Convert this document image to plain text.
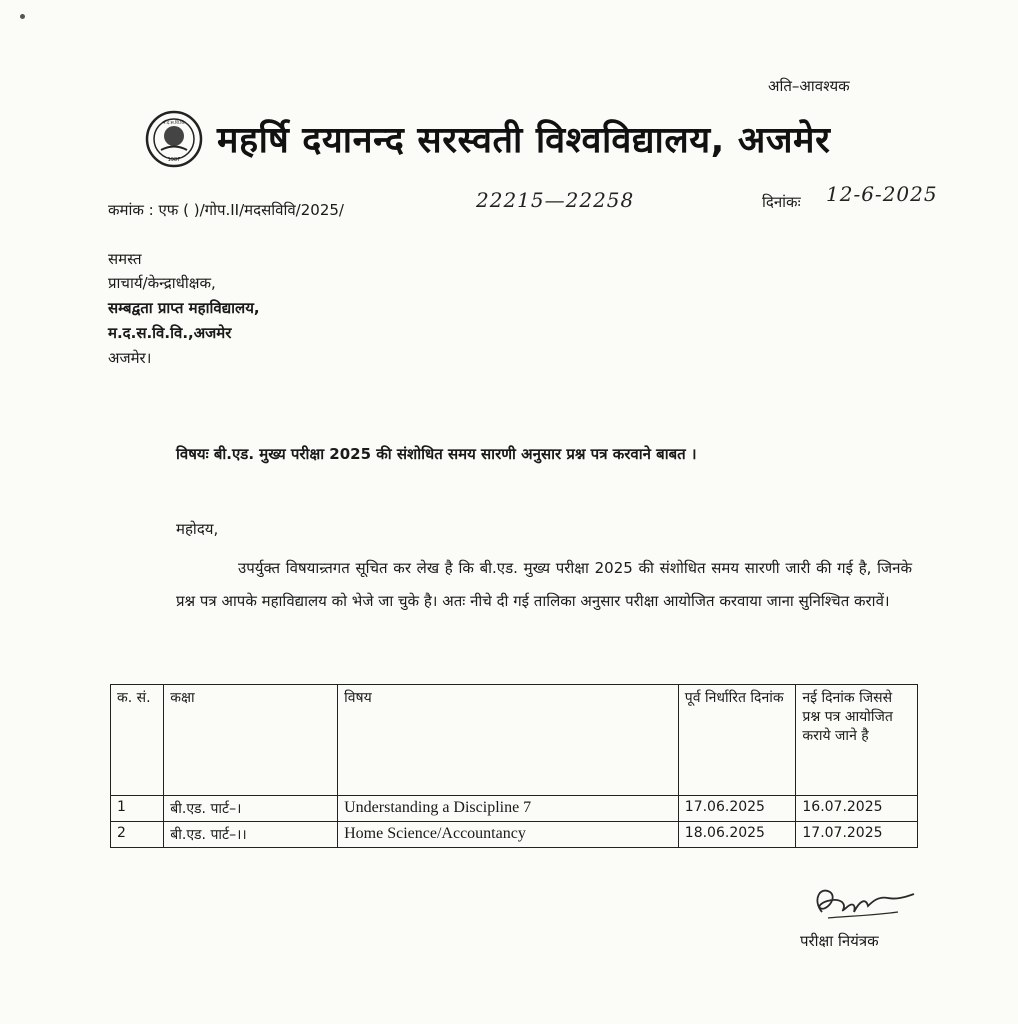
अति–आवश्यक
1987
म.द.स.वि.वि. महर्षि दयानन्द सरस्वती विश्वविद्यालय, अजमेर
कमांक : एफ ( )/गोप.II/मदसविवि/2025/	22215—22258	दिनांकः 12-6-2025
समस्त
प्राचार्य/केन्द्राधीक्षक,
सम्बद्वता प्राप्त महाविद्यालय,
म.द.स.वि.वि.,अजमेर
अजमेर।
विषयः बी.एड. मुख्य परीक्षा 2025 की संशोधित समय सारणी अनुसार प्रश्न पत्र करवाने बाबत ।
महोदय,
उपर्युक्त विषयान्र्तगत सूचित कर लेख है कि बी.एड. मुख्य परीक्षा 2025 की संशोधित समय सारणी जारी की गई है, जिनके प्रश्न पत्र आपके महाविद्यालय को भेजे जा चुके है। अतः नीचे दी गई तालिका अनुसार परीक्षा आयोजित करवाया जाना सुनिश्चित करावें।
क. सं.	कक्षा	विषय	पूर्व निर्धारित दिनांक	नई दिनांक जिससे प्रश्न पत्र आयोजित कराये जाने है
1	बी.एड. पार्ट–।	Understanding a Discipline 7	17.06.2025	16.07.2025
2	बी.एड. पार्ट–।।	Home Science/Accountancy	18.06.2025	17.07.2025
परीक्षा नियंत्रक
